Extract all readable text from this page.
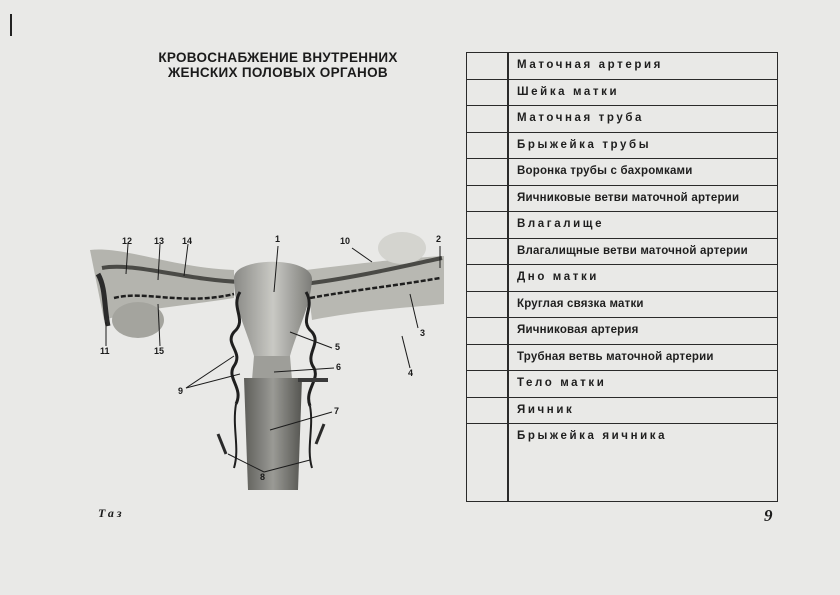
КРОВОСНАБЖЕНИЕ ВНУТРЕННИХ
ЖЕНСКИХ ПОЛОВЫХ ОРГАНОВ
1	2
3
4
5
6
7
8
9
10
11
12 13 14
15
Маточная артерия
Шейка матки
Маточная труба
Брыжейка трубы
Воронка трубы с бахромками
Яичниковые ветви маточной артерии
Влагалище
Влагалищные ветви маточной артерии
Дно матки
Круглая связка матки
Яичниковая артерия
Трубная ветвь маточной артерии
Тело матки
Яичник
Брыжейка яичника
Таз	9
